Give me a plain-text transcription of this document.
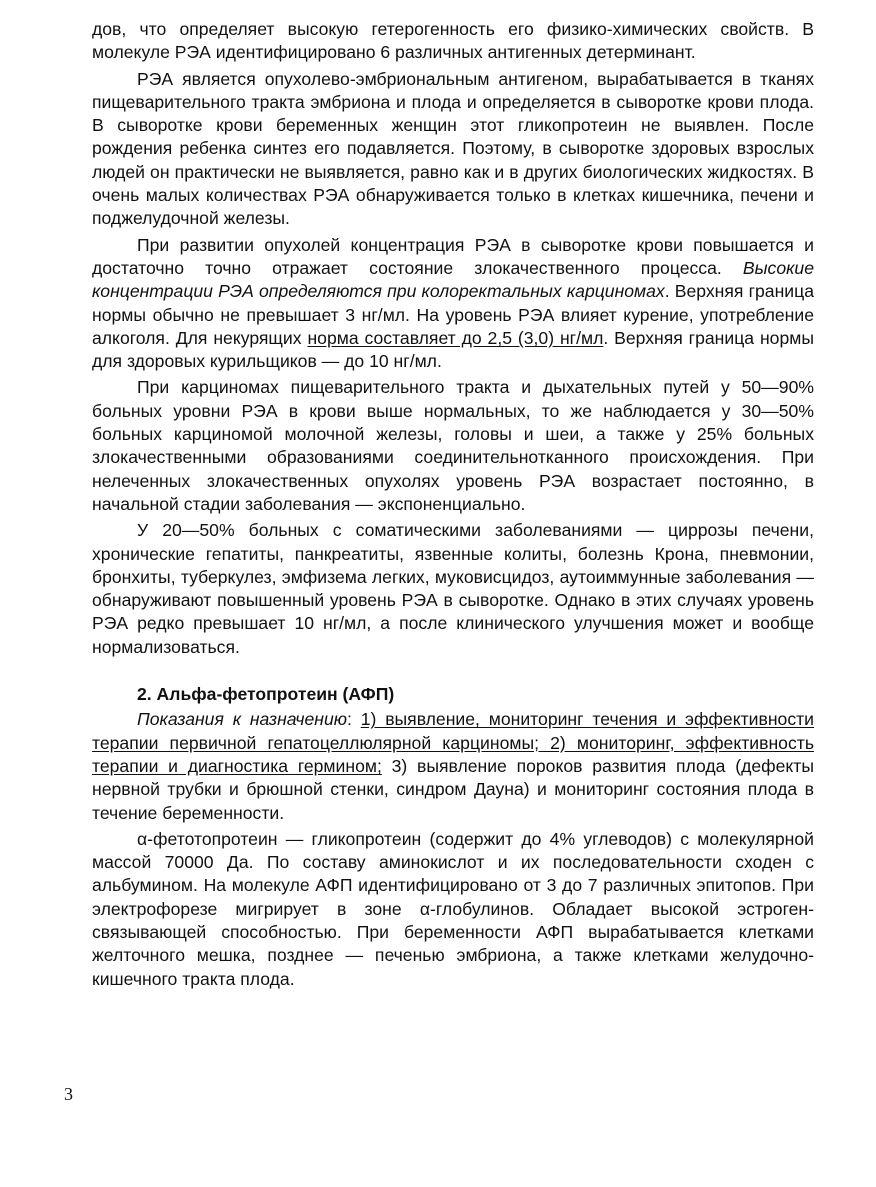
дов, что определяет высокую гетерогенность его физико-химических свойств. В молекуле РЭА идентифицировано 6 различных антигенных детерминант.

РЭА является опухолево-эмбриональным антигеном, вырабатывается в тканях пищеварительного тракта эмбриона и плода и определяется в сыворотке крови плода. В сыворотке крови беременных женщин этот гликопротеин не выявлен. После рождения ребенка синтез его подавляется. Поэтому, в сыворотке здоровых взрослых людей он практически не выявляется, равно как и в других биологических жидкостях. В очень малых количествах РЭА обнаруживается только в клетках кишечника, печени и поджелудочной железы.

При развитии опухолей концентрация РЭА в сыворотке крови повышается и достаточно точно отражает состояние злокачественного процесса. Высокие концентрации РЭА определяются при колоректальных карциномах. Верхняя граница нормы обычно не превышает 3 нг/мл. На уровень РЭА влияет курение, употребление алкоголя. Для некурящих норма составляет до 2,5 (3,0) нг/мл. Верхняя граница нормы для здоровых курильщиков — до 10 нг/мл.

При карциномах пищеварительного тракта и дыхательных путей у 50—90% больных уровни РЭА в крови выше нормальных, то же наблюдается у 30—50% больных карциномой молочной железы, головы и шеи, а также у 25% больных злокачественными образованиями соединительнотканного происхождения. При нелеченных злокачественных опухолях уровень РЭА возрастает постоянно, в начальной стадии заболевания — экспоненциально.

У 20—50% больных с соматическими заболеваниями — циррозы печени, хронические гепатиты, панкреатиты, язвенные колиты, болезнь Крона, пневмонии, бронхиты, туберкулез, эмфизема легких, муковисцидоз, аутоиммунные заболевания — обнаруживают повышенный уровень РЭА в сыворотке. Однако в этих случаях уровень РЭА редко превышает 10 нг/мл, а после клинического улучшения может и вообще нормализоваться.

2. Альфа-фетопротеин (АФП)

Показания к назначению: 1) выявление, мониторинг течения и эффективности терапии первичной гепатоцеллюлярной карциномы; 2) мониторинг, эффективность терапии и диагностика гермином; 3) выявление пороков развития плода (дефекты нервной трубки и брюшной стенки, синдром Дауна) и мониторинг состояния плода в течение беременности.

α-фетотопротеин — гликопротеин (содержит до 4% углеводов) с молекулярной массой 70000 Да. По составу аминокислот и их последовательности сходен с альбумином. На молекуле АФП идентифицировано от 3 до 7 различных эпитопов. При электрофорезе мигрирует в зоне α-глобулинов. Обладает высокой эстроген-связывающей способностью. При беременности АФП вырабатывается клетками желточного мешка, позднее — печенью эмбриона, а также клетками желудочно-кишечного тракта плода.

3
